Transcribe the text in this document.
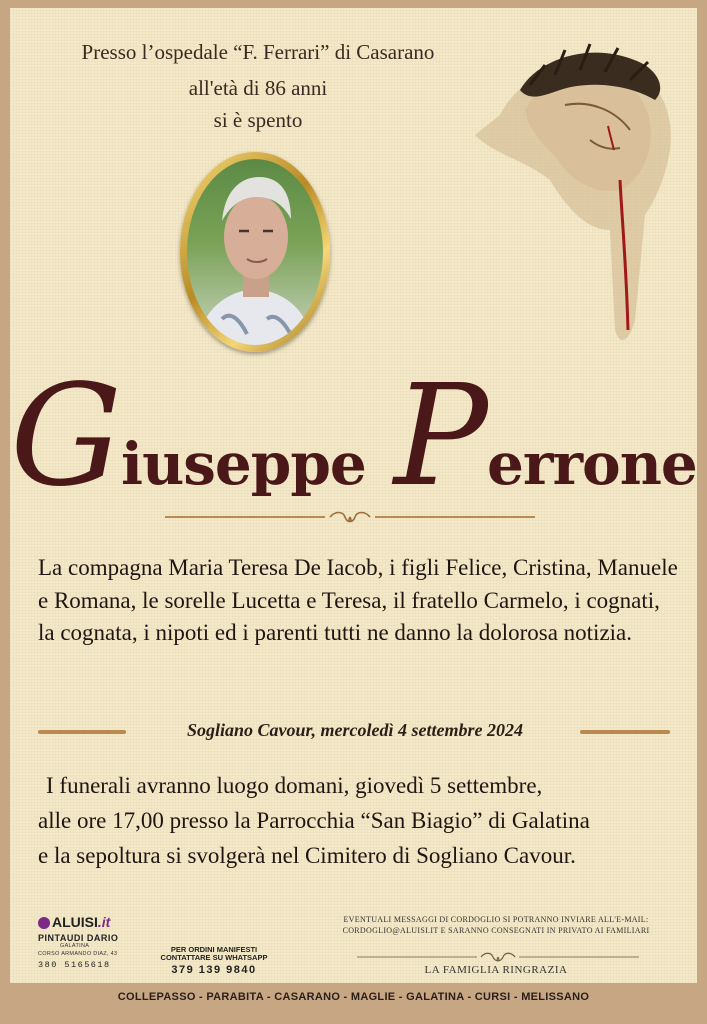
Presso l’ospedale “F. Ferrari” di Casarano
all'età di 86 anni
si è spento
Giuseppe Perrone
La compagna Maria Teresa De Iacob, i figli Felice, Cristina, Manuele e Romana, le sorelle Lucetta e Teresa, il fratello Carmelo, i cognati, la cognata, i nipoti ed i parenti tutti ne danno la dolorosa notizia.
Sogliano Cavour, mercoledì 4 settembre 2024
I funerali avranno luogo domani, giovedì 5 settembre,
alle ore 17,00 presso la Parrocchia “San Biagio” di Galatina
e la sepoltura si svolgerà nel Cimitero di Sogliano Cavour.
ALUISI.it
PINTAUDI DARIO
GALATINA
CORSO ARMANDO DIAZ, 43
380 5165618
PER ORDINI MANIFESTI
CONTATTARE SU WHATSAPP
379 139 9840
EVENTUALI MESSAGGI DI CORDOGLIO SI POTRANNO INVIARE ALL'E-MAIL:
CORDOGLIO@ALUISI.IT E SARANNO CONSEGNATI IN PRIVATO AI FAMILIARI
LA FAMIGLIA RINGRAZIA
COLLEPASSO - PARABITA - CASARANO - MAGLIE - GALATINA - CURSI - MELISSANO
